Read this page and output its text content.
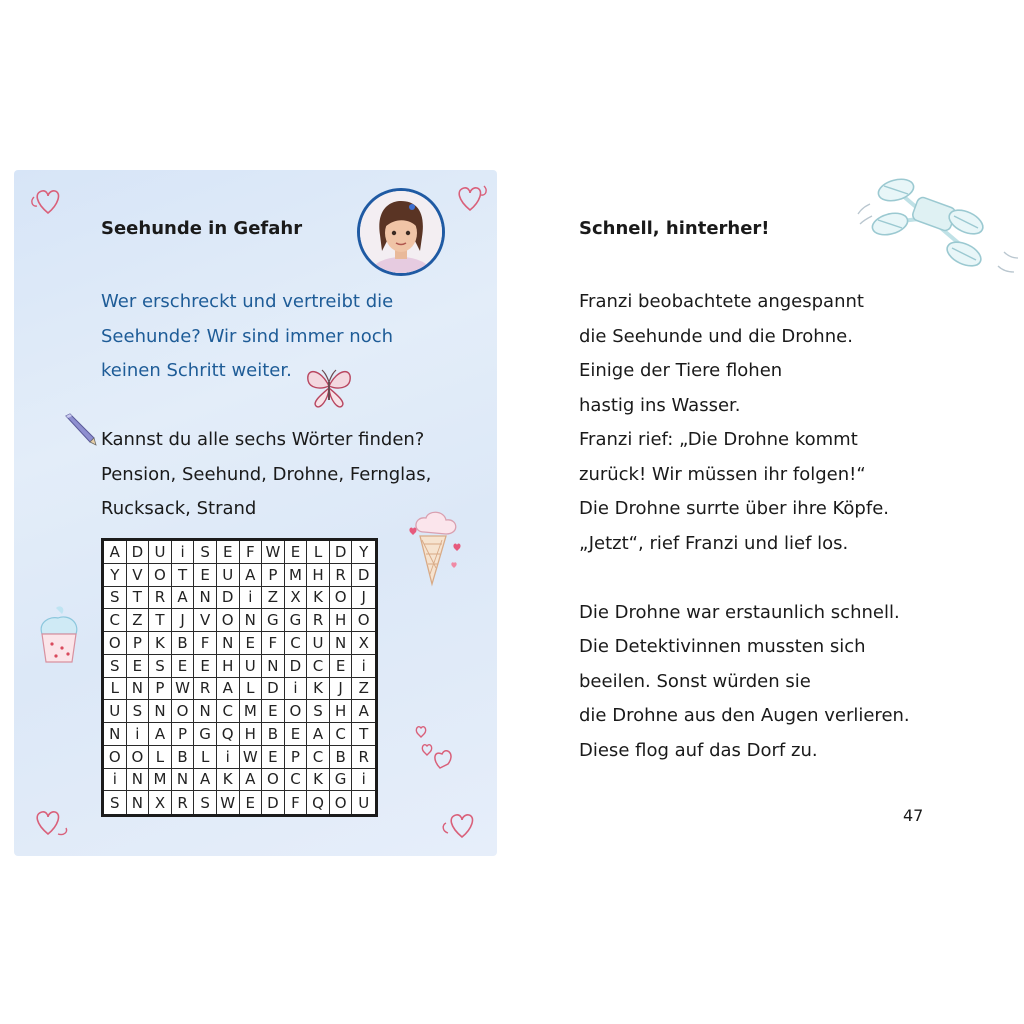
Seehunde in Gefahr
Wer erschreckt und vertreibt die
Seehunde? Wir sind immer noch
keinen Schritt weiter.
Kannst du alle sechs Wörter finden?
Pension, Seehund, Drohne, Fernglas,
Rucksack, Strand
A D U	i	S E F W E L D Y
Y V O T E U A P M H R D
S T R A N D i	Z X K O J
C Z T	J	V O N G G R H O
O P K B F N E F C U N X
S E S E E H U N D C E	i
L N P W R A L D i	K	J	Z
U S N O N C M E O S H A
N i	A P G Q H B E A C T
O O L B L	i W E P C B R
i N M N A K A O C K G	i
S N X R S W E D F Q O U
Schnell, hinterher!
Franzi beobachtete angespannt
die Seehunde und die Drohne.
Einige der Tiere flohen
hastig ins Wasser.
Franzi rief: „Die Drohne kommt
zurück! Wir müssen ihr folgen!“
Die Drohne surrte über ihre Köpfe.
„Jetzt“, rief Franzi und lief los.
Die Drohne war erstaunlich schnell.
Die Detektivinnen mussten sich
beeilen. Sonst würden sie
die Drohne aus den Augen verlieren.
Diese flog auf das Dorf zu.
47
